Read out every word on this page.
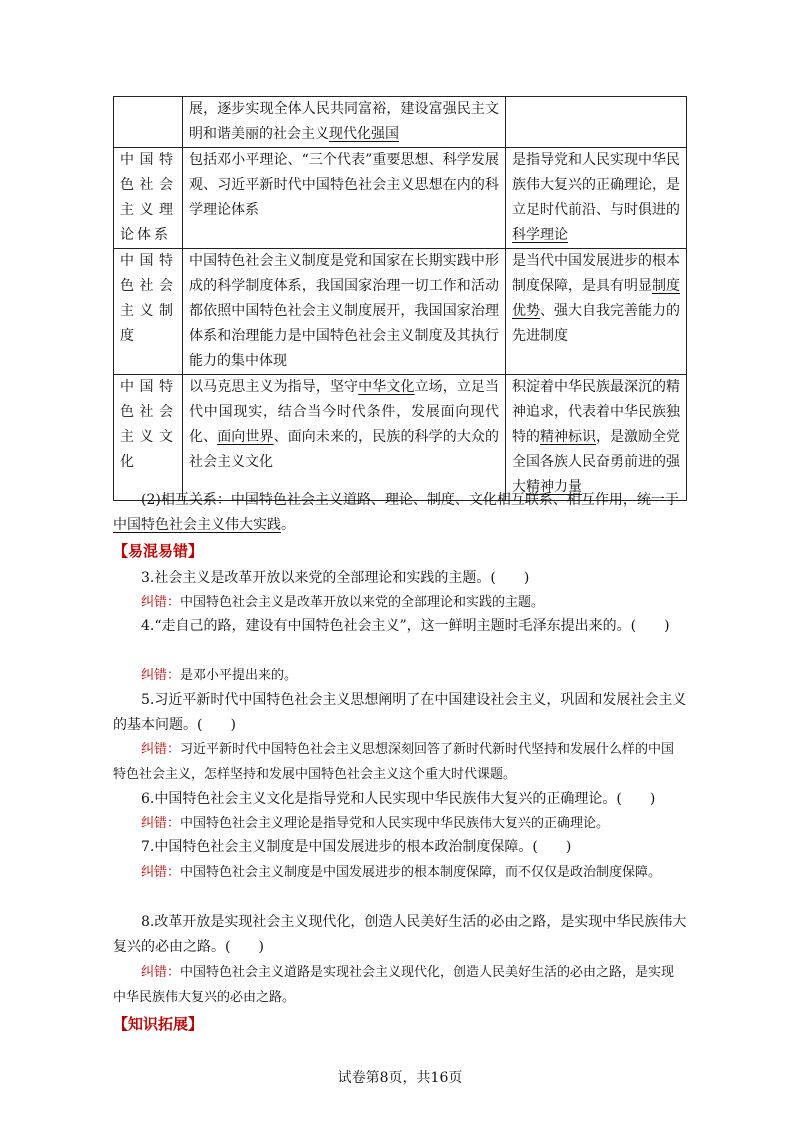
	展，逐步实现全体人民共同富裕，建设富强民主文明和谐美丽的社会主义现代化强国	
中国特色社会主义理论体系	包括邓小平理论、“三个代表”重要思想、科学发展观、习近平新时代中国特色社会主义思想在内的科学理论体系	是指导党和人民实现中华民族伟大复兴的正确理论，是立足时代前沿、与时俱进的科学理论
中国特色社会主义制度	中国特色社会主义制度是党和国家在长期实践中形成的科学制度体系，我国国家治理一切工作和活动都依照中国特色社会主义制度展开，我国国家治理体系和治理能力是中国特色社会主义制度及其执行能力的集中体现	是当代中国发展进步的根本制度保障，是具有明显制度优势、强大自我完善能力的先进制度
中国特色社会主义文化	以马克思主义为指导，坚守中华文化立场，立足当代中国现实，结合当今时代条件，发展面向现代化、面向世界、面向未来的，民族的科学的大众的社会主义文化	积淀着中华民族最深沉的精神追求，代表着中华民族独特的精神标识，是激励全党全国各族人民奋勇前进的强大精神力量
(2)相互关系：中国特色社会主义道路、理论、制度、文化相互联系、相互作用，统一于中国特色社会主义伟大实践。
【易混易错】
3.社会主义是改革开放以来党的全部理论和实践的主题。(　　)
纠错：中国特色社会主义是改革开放以来党的全部理论和实践的主题。
4.“走自己的路，建设有中国特色社会主义”，这一鲜明主题时毛泽东提出来的。(　　)
纠错：是邓小平提出来的。
5.习近平新时代中国特色社会主义思想阐明了在中国建设社会主义，巩固和发展社会主义的基本问题。(　　)
纠错：习近平新时代中国特色社会主义思想深刻回答了新时代新时代坚持和发展什么样的中国特色社会主义，怎样坚持和发展中国特色社会主义这个重大时代课题。
6.中国特色社会主义文化是指导党和人民实现中华民族伟大复兴的正确理论。(　　)
纠错：中国特色社会主义理论是指导党和人民实现中华民族伟大复兴的正确理论。
7.中国特色社会主义制度是中国发展进步的根本政治制度保障。(　　)
纠错：中国特色社会主义制度是中国发展进步的根本制度保障，而不仅仅是政治制度保障。
8.改革开放是实现社会主义现代化，创造人民美好生活的必由之路，是实现中华民族伟大复兴的必由之路。(　　)
纠错：中国特色社会主义道路是实现社会主义现代化，创造人民美好生活的必由之路，是实现中华民族伟大复兴的必由之路。
【知识拓展】
试卷第8页，共16页
